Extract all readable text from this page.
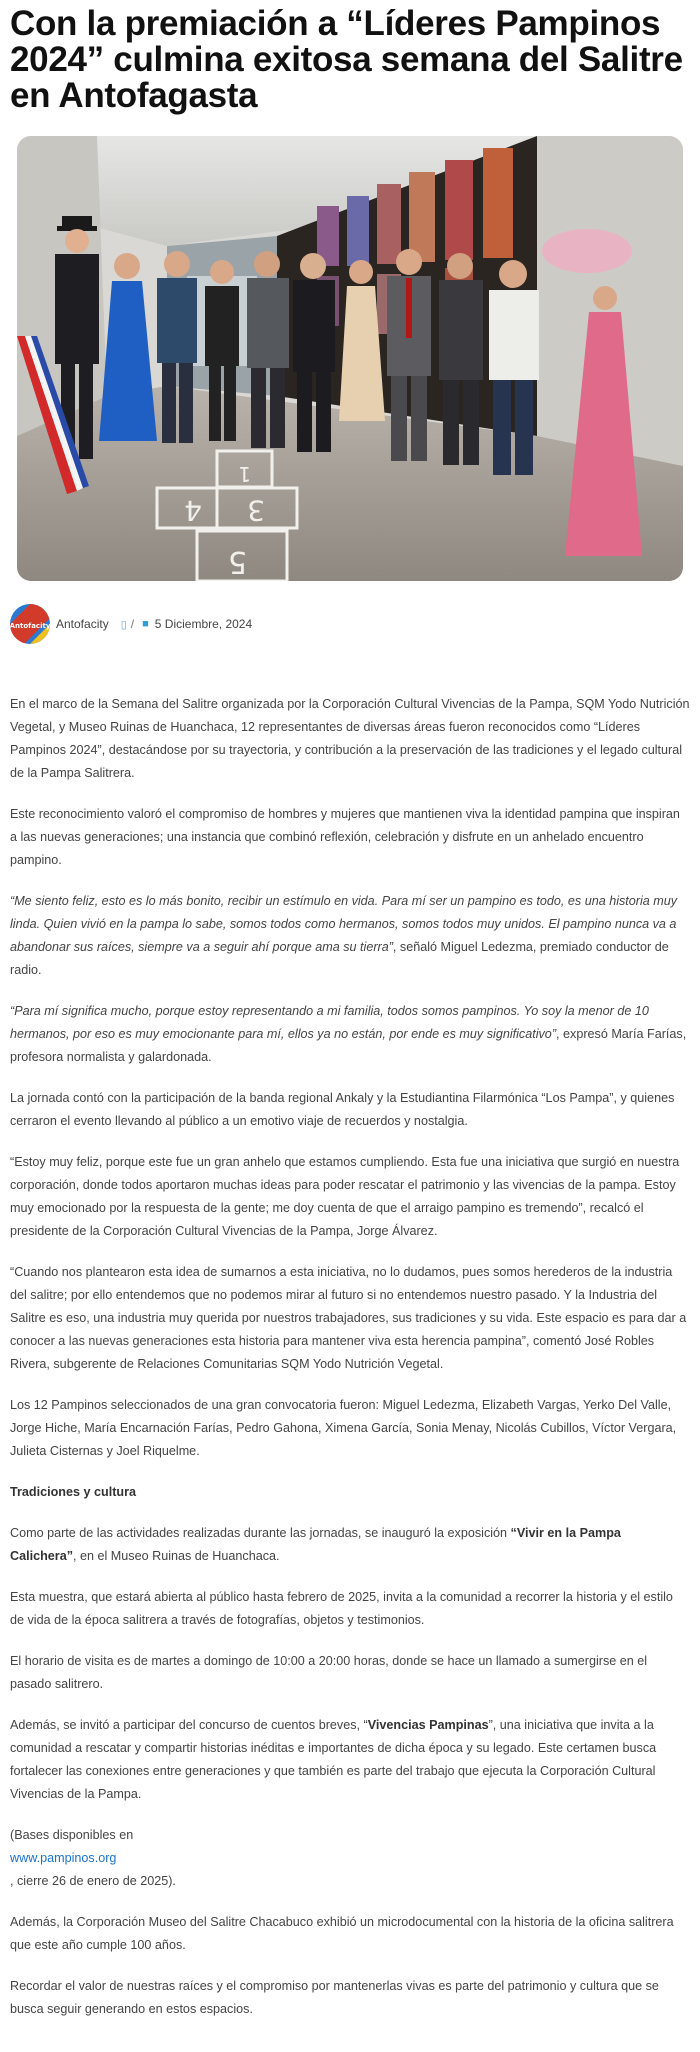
Con la premiación a “Líderes Pampinos 2024” culmina exitosa semana del Salitre en Antofagasta
4 3
5
1
Antofacity Antofacity ▯ / ■ 5 Diciembre, 2024

En el marco de la Semana del Salitre organizada por la Corporación Cultural Vivencias de la Pampa, SQM Yodo Nutrición Vegetal, y Museo Ruinas de Huanchaca, 12 representantes de diversas áreas fueron reconocidos como “Líderes Pampinos 2024”, destacándose por su trayectoria, y contribución a la preservación de las tradiciones y el legado cultural de la Pampa Salitrera.

Este reconocimiento valoró el compromiso de hombres y mujeres que mantienen viva la identidad pampina que inspiran a las nuevas generaciones; una instancia que combinó reflexión, celebración y disfrute en un anhelado encuentro pampino.

“Me siento feliz, esto es lo más bonito, recibir un estímulo en vida. Para mí ser un pampino es todo, es una historia muy linda. Quien vivió en la pampa lo sabe, somos todos como hermanos, somos todos muy unidos. El pampino nunca va a abandonar sus raíces, siempre va a seguir ahí porque ama su tierra”, señaló Miguel Ledezma, premiado conductor de radio.

“Para mí significa mucho, porque estoy representando a mi familia, todos somos pampinos. Yo soy la menor de 10 hermanos, por eso es muy emocionante para mí, ellos ya no están, por ende es muy significativo”, expresó María Farías, profesora normalista y galardonada.

La jornada contó con la participación de la banda regional Ankaly y la Estudiantina Filarmónica “Los Pampa”, y quienes cerraron el evento llevando al público a un emotivo viaje de recuerdos y nostalgia.

“Estoy muy feliz, porque este fue un gran anhelo que estamos cumpliendo. Esta fue una iniciativa que surgió en nuestra corporación, donde todos aportaron muchas ideas para poder rescatar el patrimonio y las vivencias de la pampa. Estoy muy emocionado por la respuesta de la gente; me doy cuenta de que el arraigo pampino es tremendo”, recalcó el presidente de la Corporación Cultural Vivencias de la Pampa, Jorge Álvarez.

“Cuando nos plantearon esta idea de sumarnos a esta iniciativa, no lo dudamos, pues somos herederos de la industria del salitre; por ello entendemos que no podemos mirar al futuro si no entendemos nuestro pasado. Y la Industria del Salitre es eso, una industria muy querida por nuestros trabajadores, sus tradiciones y su vida. Este espacio es para dar a conocer a las nuevas generaciones esta historia para mantener viva esta herencia pampina”, comentó José Robles Rivera, subgerente de Relaciones Comunitarias SQM Yodo Nutrición Vegetal.

Los 12 Pampinos seleccionados de una gran convocatoria fueron: Miguel Ledezma, Elizabeth Vargas, Yerko Del Valle, Jorge Hiche, María Encarnación Farías, Pedro Gahona, Ximena García, Sonia Menay, Nicolás Cubillos, Víctor Vergara, Julieta Cisternas y Joel Riquelme.

Tradiciones y cultura

Como parte de las actividades realizadas durante las jornadas, se inauguró la exposición “Vivir en la Pampa Calichera”, en el Museo Ruinas de Huanchaca.

Esta muestra, que estará abierta al público hasta febrero de 2025, invita a la comunidad a recorrer la historia y el estilo de vida de la época salitrera a través de fotografías, objetos y testimonios.

El horario de visita es de martes a domingo de 10:00 a 20:00 horas, donde se hace un llamado a sumergirse en el pasado salitrero.

Además, se invitó a participar del concurso de cuentos breves, “Vivencias Pampinas”, una iniciativa que invita a la comunidad a rescatar y compartir historias inéditas e importantes de dicha época y su legado. Este certamen busca fortalecer las conexiones entre generaciones y que también es parte del trabajo que ejecuta la Corporación Cultural Vivencias de la Pampa.

(Bases disponibles en
www.pampinos.org
, cierre 26 de enero de 2025).

Además, la Corporación Museo del Salitre Chacabuco exhibió un microdocumental con la historia de la oficina salitrera que este año cumple 100 años.

Recordar el valor de nuestras raíces y el compromiso por mantenerlas vivas es parte del patrimonio y cultura que se busca seguir generando en estos espacios.
